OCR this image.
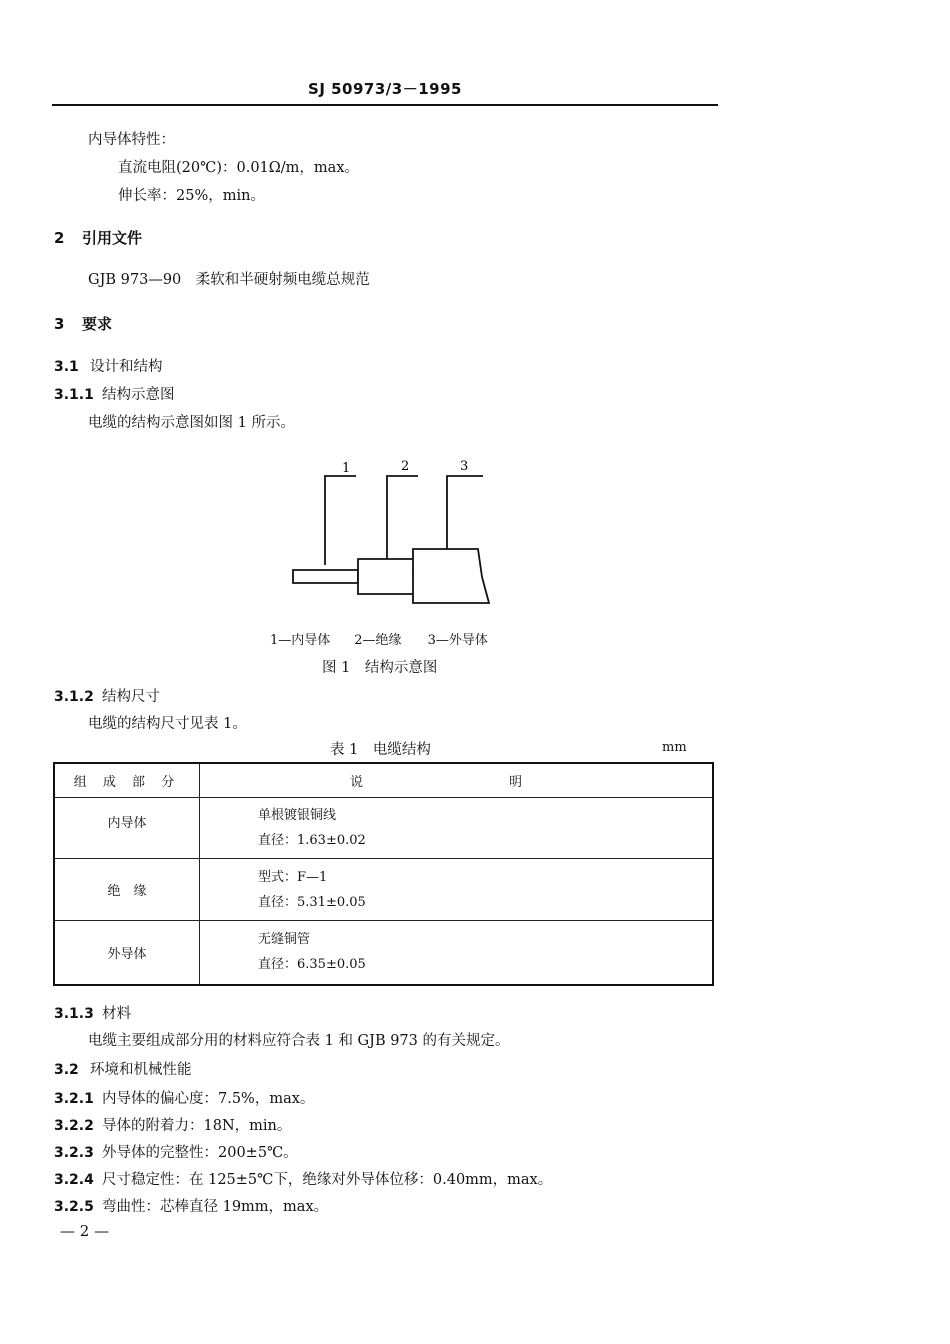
SJ 50973/3－1995
内导体特性：
直流电阻(20℃)：0.01Ω/m，max。
伸长率：25%，min。
2 引用文件
GJB 973—90　柔软和半硬射频电缆总规范
3 要求
3.1 设计和结构
3.1.1 结构示意图
电缆的结构示意图如图 1 所示。
1	2	3
1—内导体 2—绝缘 3—外导体
图 1　结构示意图
3.1.2 结构尺寸
电缆的结构尺寸见表 1。
表 1　电缆结构	mm
组 成 部 分	说　　明

内导体	单根镀银铜线
直径：1.63±0.02

绝　缘	型式：F—1
直径：5.31±0.05

外导体	无缝铜管
直径：6.35±0.05
3.1.3 材料
电缆主要组成部分用的材料应符合表 1 和 GJB 973 的有关规定。
3.2 环境和机械性能
3.2.1 内导体的偏心度：7.5%，max。
3.2.2 导体的附着力：18N，min。
3.2.3 外导体的完整性：200±5℃。
3.2.4 尺寸稳定性：在 125±5℃下，绝缘对外导体位移：0.40mm，max。
3.2.5 弯曲性：芯棒直径 19mm，max。
— 2 —
